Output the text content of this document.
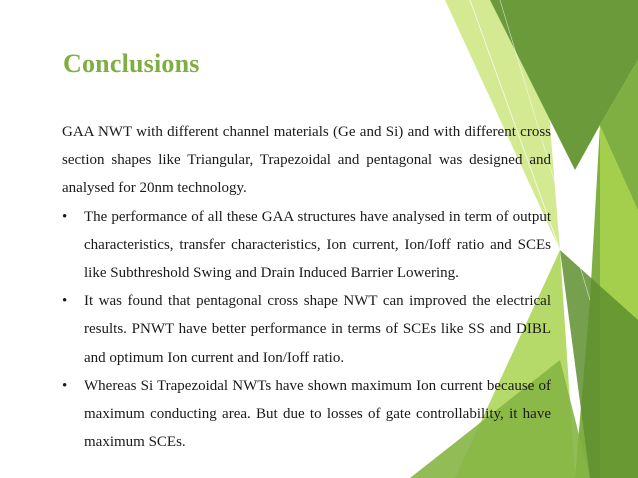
Conclusions

GAA NWT with different channel materials (Ge and Si) and with different cross section shapes like Triangular, Trapezoidal and pentagonal was designed and analysed for 20nm technology.

• The performance of all these GAA structures have analysed in term of output characteristics, transfer characteristics, Ion current, Ion/Ioff ratio and SCEs like Subthreshold Swing and Drain Induced Barrier Lowering.
• It was found that pentagonal cross shape NWT can improved the electrical results. PNWT have better performance in terms of SCEs like SS and DIBL and optimum Ion current and Ion/Ioff ratio.
• Whereas Si Trapezoidal NWTs have shown maximum Ion current because of maximum conducting area. But due to losses of gate controllability, it have maximum SCEs.
